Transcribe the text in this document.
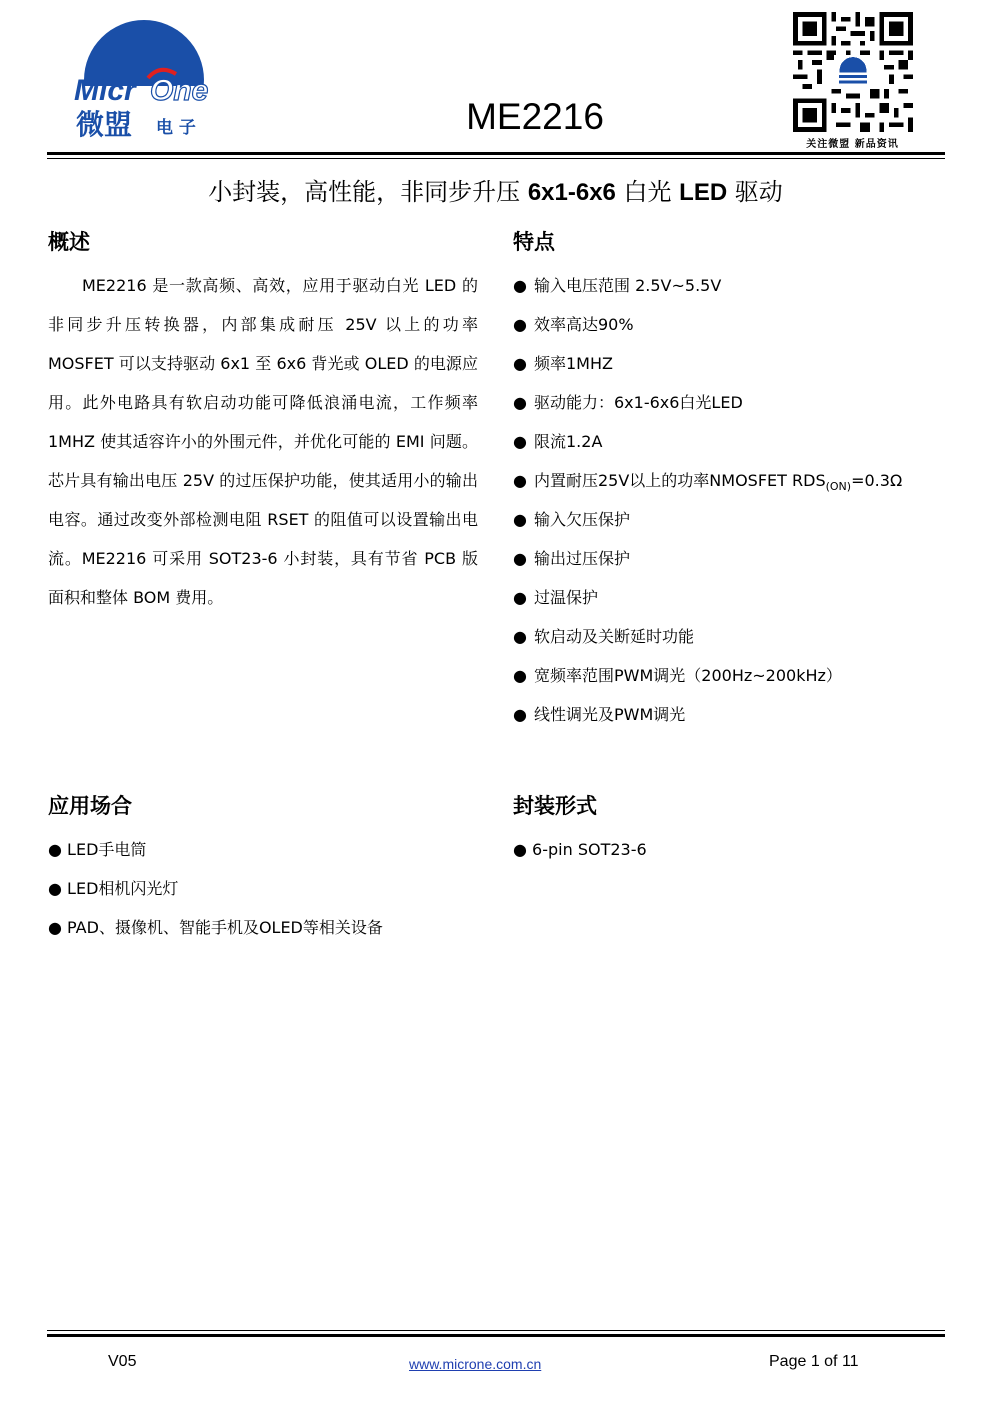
Micr One
微盟 电 子	ME2216
关注微盟 新品资讯
小封装，高性能，非同步升压 6x1-6x6 白光 LED 驱动
概述
ME2216 是一款高频、高效，应用于驱动白光 LED 的非同步升压转换器，内部集成耐压 25V 以上的功率 MOSFET 可以支持驱动 6x1 至 6x6 背光或 OLED 的电源应用。此外电路具有软启动功能可降低浪涌电流，工作频率 1MHZ 使其适容许小的外围元件，并优化可能的 EMI 问题。芯片具有输出电压 25V 的过压保护功能，使其适用小的输出电容。通过改变外部检测电阻 RSET 的阻值可以设置输出电流。ME2216 可采用 SOT23-6 小封装，具有节省 PCB 版面积和整体 BOM 费用。
特点
● 输入电压范围 2.5V~5.5V
● 效率高达90%
● 频率1MHZ
● 驱动能力：6x1-6x6白光LED
● 限流1.2A
● 内置耐压25V以上的功率NMOSFET $RDS_{(ON)}=0.3\Omega$
● 输入欠压保护
● 输出过压保护
● 过温保护
● 软启动及关断延时功能
● 宽频率范围PWM调光（200Hz~200kHz）
● 线性调光及PWM调光
应用场合
● LED手电筒
● LED相机闪光灯
● PAD、摄像机、智能手机及OLED等相关设备
封装形式
● 6-pin SOT23-6
V05	www.microne.com.cn	Page 1 of 11
